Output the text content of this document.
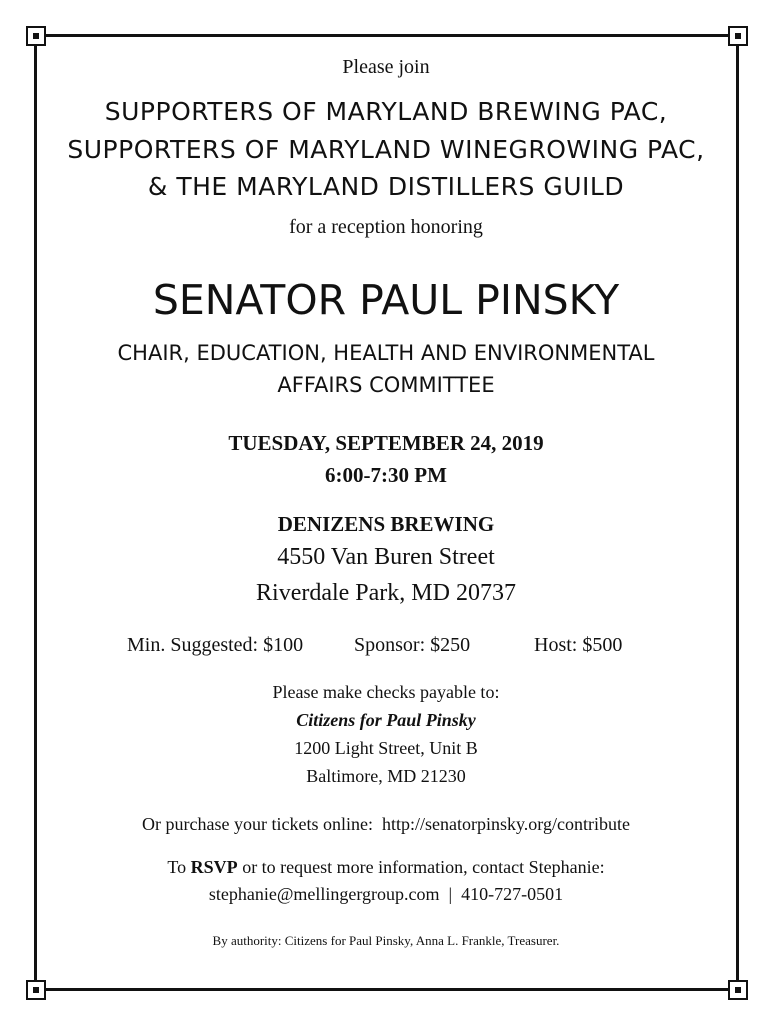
Please join
SUPPORTERS OF MARYLAND BREWING PAC,
SUPPORTERS OF MARYLAND WINEGROWING PAC,
& THE MARYLAND DISTILLERS GUILD
for a reception honoring
SENATOR PAUL PINSKY
CHAIR, EDUCATION, HEALTH AND ENVIRONMENTAL
AFFAIRS COMMITTEE
TUESDAY, SEPTEMBER 24, 2019
6:00-7:30 PM
DENIZENS BREWING
4550 Van Buren Street
Riverdale Park, MD 20737
Min. Suggested: $100	Sponsor: $250	Host: $500
Please make checks payable to:
Citizens for Paul Pinsky
1200 Light Street, Unit B
Baltimore, MD 21230
Or purchase your tickets online:  http://senatorpinsky.org/contribute
To RSVP or to request more information, contact Stephanie:
stephanie@mellingergroup.com  |  410-727-0501
By authority: Citizens for Paul Pinsky, Anna L. Frankle, Treasurer.
